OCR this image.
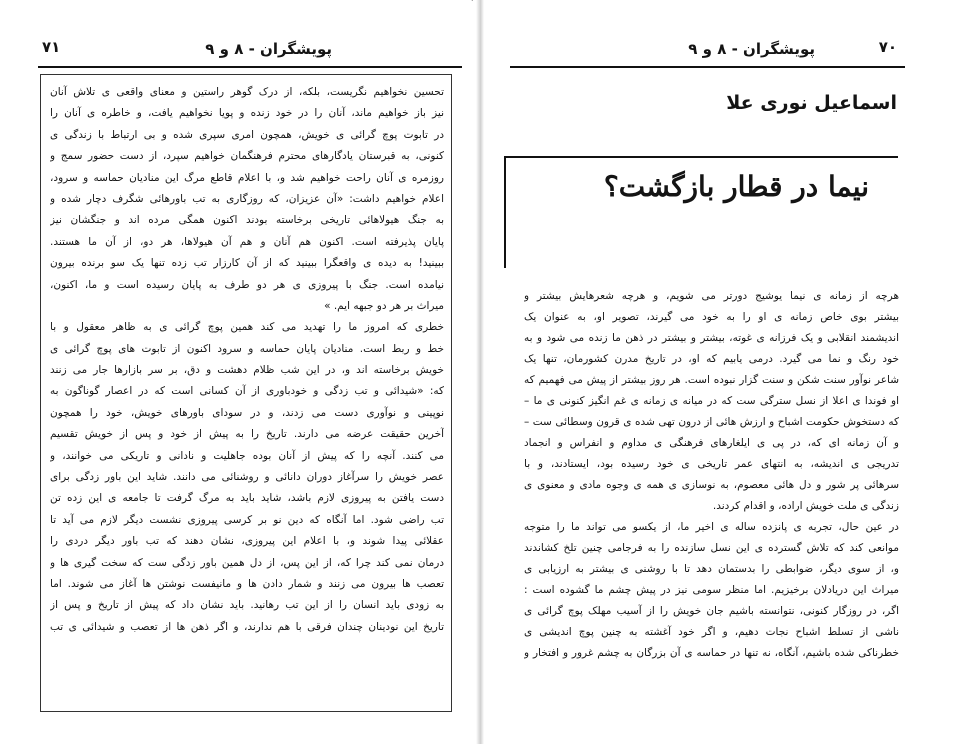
˙
پویشگران - ۸ و ۹
۷۱
تحسین نخواهیم نگریست، بلکه، از درک گوهر راستین و معنای واقعی ی تلاش آنان
نیز باز خواهیم ماند، آنان را در خود زنده و پویا نخواهیم یافت، و خاطره ی آنان را
در تابوت پوچ گرائی ی خویش، همچون امری سپری شده و بی ارتباط با زندگی ی
کنونی، به قبرستان یادگارهای محترم فرهنگمان خواهیم سپرد، از دست حضور سمج و
روزمره ی آنان راحت خواهیم شد و، با اعلام قاطع مرگ این منادیان حماسه و سرود،
اعلام خواهیم داشت: «آن عزیزان، که روزگاری به تب باورهائی شگرف دچار شده و
به جنگ هیولاهائی تاریخی برخاسته بودند اکنون همگی مرده اند و جنگشان نیز
پایان پذیرفته است. اکنون هم آنان و هم آن هیولاها، هر دو، از آن ما هستند.
ببینید! به دیده ی واقعگرا ببینید که از آن کارزار تب زده تنها یک سو برنده بیرون
نیامده است. جنگ با پیروزی ی هر دو طرف به پایان رسیده است و ما، اکنون،
میراث بر هر دو جبهه ایم. »
خطری که امروز ما را تهدید می کند همین پوچ گرائی ی به ظاهر معقول و با
خط و ربط است. منادیان پایان حماسه و سرود اکنون از تابوت های پوچ گرائی ی
خویش برخاسته اند و، در این شب ظلام دهشت و دق، بر سر بازارها جار می زنند
که: «شیدائی و تب زدگی و خودباوری از آن کسانی است که در اعصار گوناگون به
نوپینی و نوآوری دست می زدند، و در سودای باورهای خویش، خود را همچون
آخرین حقیقت عرضه می دارند. تاریخ را به پیش از خود و پس از خویش تقسیم
می کنند. آنچه را که پیش از آنان بوده جاهلیت و نادانی و تاریکی می خوانند، و
عصر خویش را سرآغاز دوران دانائی و روشنائی می دانند. شاید این باور زدگی برای
دست یافتن به پیروزی لازم باشد، شاید باید به مرگ گرفت تا جامعه ی این زده تن
تب راضی شود. اما آنگاه که دین نو بر کرسی پیروزی نشست دیگر لازم می آید تا
عقلائی پیدا شوند و، با اعلام این پیروزی، نشان دهند که تب باور دیگر دردی را
درمان نمی کند چرا که، از این پس، از دل همین باور زدگی ست که سخت گیری ها و
تعصب ها بیرون می زنند و شمار دادن ها و مانیفست نوشتن ها آغاز می شوند. اما
به زودی باید انسان را از این تب رهانید. باید نشان داد که پیش از تاریخ و پس از
تاریخ این نودینان چندان فرقی با هم ندارند، و اگر ذهن ها از تعصب و شیدائی ی تب
پویشگران - ۸ و ۹	۷۰
اسماعیل نوری علا
نیما در قطار بازگشت؟
هرچه از زمانه ی نیما یوشیج دورتر می شویم، و هرچه شعرهایش بیشتر و
بیشتر بوی خاص زمانه ی او را به خود می گیرند، تصویر او، به عنوان یک
اندیشمند انقلابی و یک فرزانه ی غوته، بیشتر و بیشتر در ذهن ما زنده می شود و به
خود رنگ و نما می گیرد. درمی یابیم که او، در تاریخ مدرن کشورمان، تنها یک
شاعر نوآور سنت شکن و سنت گزار نبوده است. هر روز بیشتر از پیش می فهمیم که
او فوندا ی اعلا از نسل سترگی ست که در میانه ی زمانه ی غم انگیز کنونی ی ما –
که دستخوش حکومت اشباح و ارزش هائی از درون تهی شده ی قرون وسطائی ست –
و آن زمانه ای که، در پی ی ایلغارهای فرهنگی ی مداوم و انفراس و انجماد
تدریجی ی اندیشه، به انتهای عمر تاریخی ی خود رسیده بود، ایستادند، و با
سرهائی پر شور و دل هائی معصوم، به نوسازی ی همه ی وجوه مادی و معنوی ی
زندگی ی ملت خویش اراده، و اقدام کردند.
در عین حال، تجربه ی پانزده ساله ی اخیر ما، از یکسو می تواند ما را متوجه
موانعی کند که تلاش گسترده ی این نسل سازنده را به فرجامی چنین تلخ کشاندند
و، از سوی دیگر، ضوابطی را بدستمان دهد تا با روشنی ی بیشتر به ارزیابی ی
میراث این دریادلان برخیزیم. اما منظر سومی نیز در پیش چشم ما گشوده است :
اگر، در روزگار کنونی، نتوانسته باشیم جان خویش را از آسیب مهلک پوچ گرائی ی
ناشی از تسلط اشباح نجات دهیم، و اگر خود آغشته به چنین پوچ اندیشی ی
خطرناکی شده باشیم، آنگاه، نه تنها در حماسه ی آن بزرگان به چشم غرور و افتخار و
